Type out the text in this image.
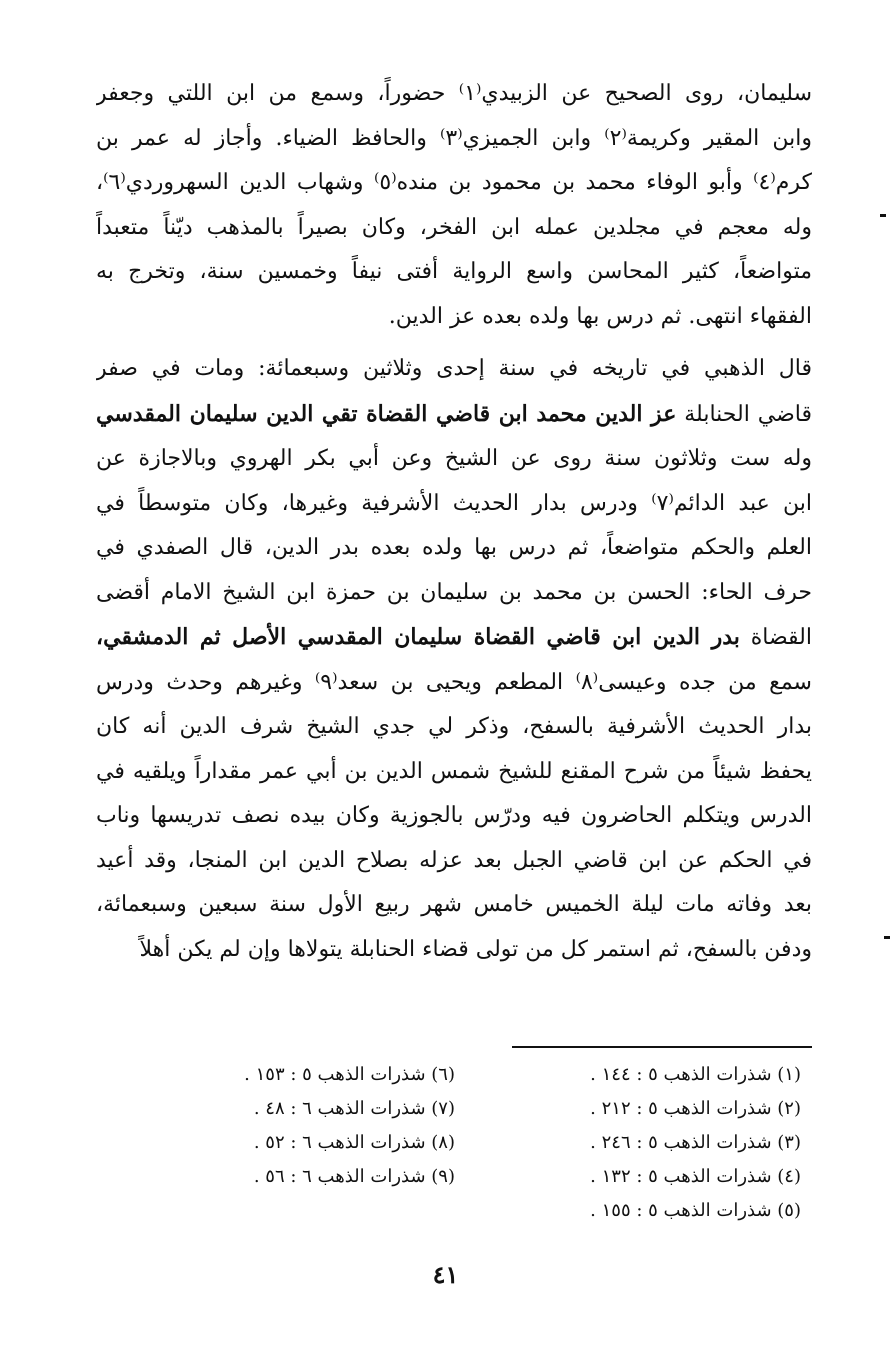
سليمان، روى الصحيح عن الزبيدي⁽١⁾ حضوراً، وسمع من ابن اللتي وجعفر
وابن المقير وكريمة⁽٢⁾ وابن الجميزي⁽٣⁾ والحافظ الضياء. وأجاز له عمر بن
كرم⁽٤⁾ وأبو الوفاء محمد بن محمود بن منده⁽٥⁾ وشهاب الدين السهروردي⁽٦⁾،
وله معجم في مجلدين عمله ابن الفخر، وكان بصيراً بالمذهب ديّناً متعبداً
متواضعاً، كثير المحاسن واسع الرواية أفتى نيفاً وخمسين سنة، وتخرج به
الفقهاء انتهى. ثم درس بها ولده بعده عز الدين.
قال الذهبي في تاريخه في سنة إحدى وثلاثين وسبعمائة: ومات في صفر
قاضي الحنابلة عز الدين محمد ابن قاضي القضاة تقي الدين سليمان المقدسي
وله ست وثلاثون سنة روى عن الشيخ وعن أبي بكر الهروي وبالاجازة عن
ابن عبد الدائم⁽٧⁾ ودرس بدار الحديث الأشرفية وغيرها، وكان متوسطاً في
العلم والحكم متواضعاً، ثم درس بها ولده بعده بدر الدين، قال الصفدي في
حرف الحاء: الحسن بن محمد بن سليمان بن حمزة ابن الشيخ الامام أقضى
القضاة بدر الدين ابن قاضي القضاة سليمان المقدسي الأصل ثم الدمشقي،
سمع من جده وعيسى⁽٨⁾ المطعم ويحيى بن سعد⁽٩⁾ وغيرهم وحدث ودرس
بدار الحديث الأشرفية بالسفح، وذكر لي جدي الشيخ شرف الدين أنه كان
يحفظ شيئاً من شرح المقنع للشيخ شمس الدين بن أبي عمر مقداراً ويلقيه في
الدرس ويتكلم الحاضرون فيه ودرّس بالجوزية وكان بيده نصف تدريسها وناب
في الحكم عن ابن قاضي الجبل بعد عزله بصلاح الدين ابن المنجا، وقد أعيد
بعد وفاته مات ليلة الخميس خامس شهر ربيع الأول سنة سبعين وسبعمائة،
ودفن بالسفح، ثم استمر كل من تولى قضاء الحنابلة يتولاها وإن لم يكن أهلاً
(١) شذرات الذهب ٥ : ١٤٤ .
(٢) شذرات الذهب ٥ : ٢١٢ .
(٣) شذرات الذهب ٥ : ٢٤٦ .
(٤) شذرات الذهب ٥ : ١٣٢ .
(٥) شذرات الذهب ٥ : ١٥٥ .
(٦) شذرات الذهب ٥ : ١٥٣ .
(٧) شذرات الذهب ٦ : ٤٨ .
(٨) شذرات الذهب ٦ : ٥٢ .
(٩) شذرات الذهب ٦ : ٥٦ .
٤١
